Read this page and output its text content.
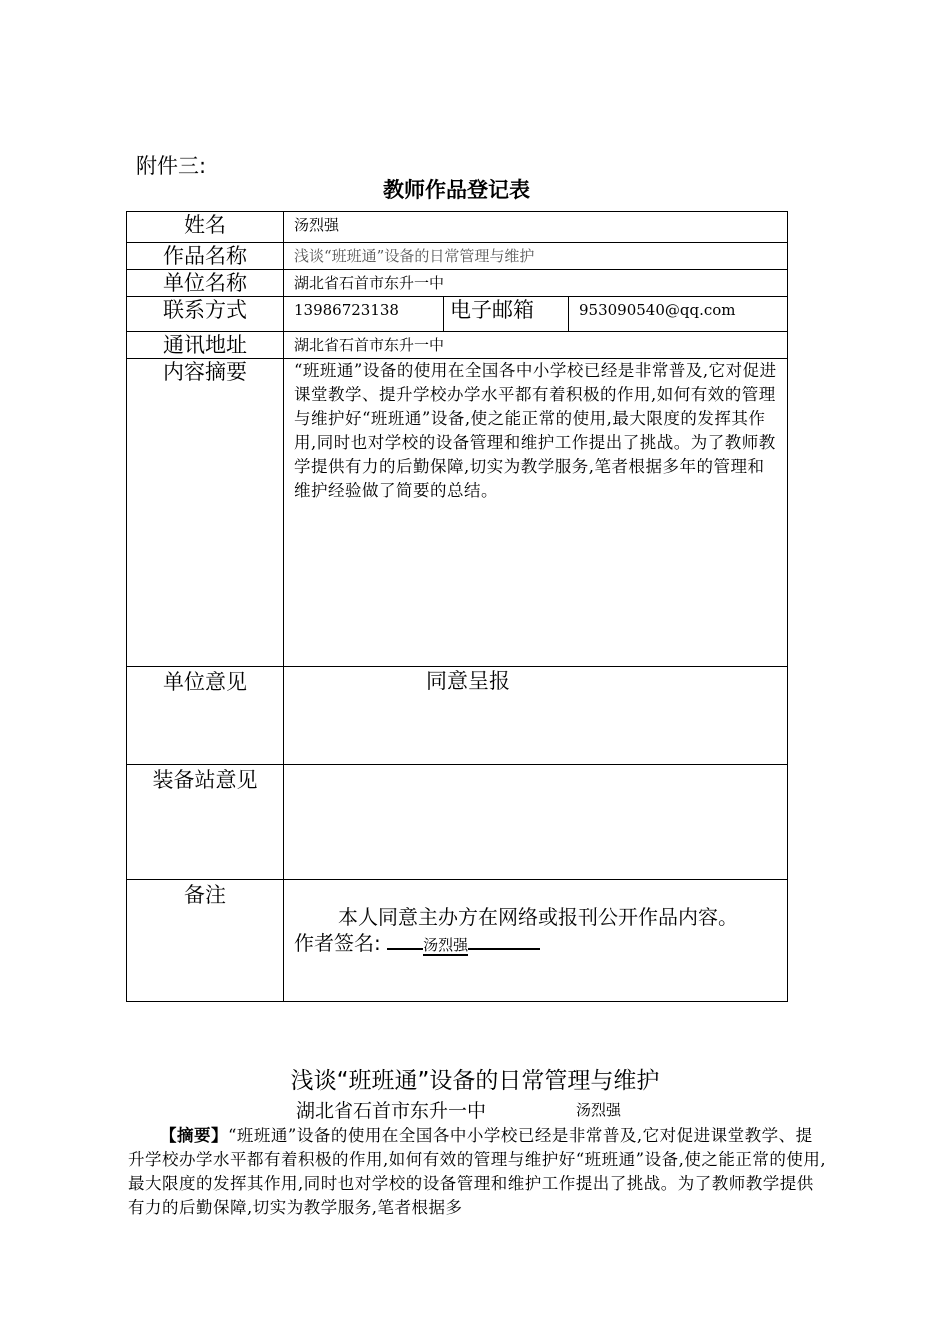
附件三:
教师作品登记表
姓名	汤烈强		
作品名称	浅谈“班班通”设备的日常管理与维护		
单位名称	湖北省石首市东升一中		
联系方式	13986723138	电子邮箱	953090540@qq.com
通讯地址	湖北省石首市东升一中		
内容摘要	“班班通”设备的使用在全国各中小学校已经是非常普及,它对促进课堂教学、提升学校办学水平都有着积极的作用,如何有效的管理与维护好“班班通”设备,使之能正常的使用,最大限度的发挥其作用,同时也对学校的设备管理和维护工作提出了挑战。为了教师教学提供有力的后勤保障,切实为教学服务,笔者根据多年的管理和维护经验做了简要的总结。		
单位意见	同意呈报		
装备站意见			
备注	本人同意主办方在网络或报刊公开作品内容。
作者签名: 汤烈强		
浅谈“班班通”设备的日常管理与维护
湖北省石首市东升一中	汤烈强
【摘要】“班班通”设备的使用在全国各中小学校已经是非常普及,它对促进课堂教学、提升学校办学水平都有着积极的作用,如何有效的管理与维护好“班班通”设备,使之能正常的使用,最大限度的发挥其作用,同时也对学校的设备管理和维护工作提出了挑战。为了教师教学提供有力的后勤保障,切实为教学服务,笔者根据多
